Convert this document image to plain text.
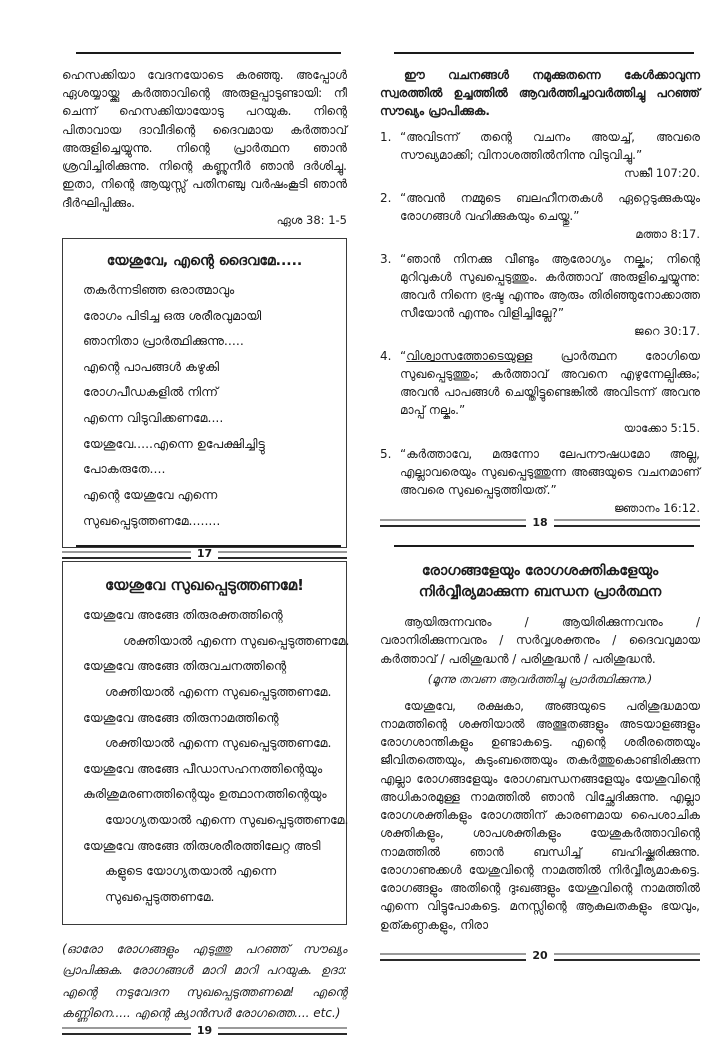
ഹെസക്കിയാ വേദനയോടെ കരഞ്ഞു. അപ്പോൾ ഏശയ്യായ്ക്കു കർത്താവിന്റെ അരുളപ്പാടുണ്ടായി: നീ ചെന്ന് ഹെസക്കിയായോടു പറയുക. നിന്റെ പിതാവായ ദാവീദിന്റെ ദൈവമായ കർത്താവ് അരുളിച്ചെയ്യുന്നു. നിന്റെ പ്രാർത്ഥന ഞാൻ ശ്രവിച്ചിരിക്കുന്നു. നിന്റെ കണ്ണുനീർ ഞാൻ ദർശിച്ചു. ഇതാ, നിന്റെ ആയുസ്സ് പതിനഞ്ചു വർഷംകൂടി ഞാൻ ദീർഘിപ്പിക്കും.
ഏശ 38: 1-5
യേശുവേ, എന്റെ ദൈവമേ.....
തകർന്നടിഞ്ഞ ഒരാത്മാവും
രോഗം പിടിച്ച ഒരു ശരീരവുമായി
ഞാനിതാ പ്രാർത്ഥിക്കുന്നു.....
എന്റെ പാപങ്ങൾ കഴുകി
രോഗപീഡകളിൽ നിന്ന്
എന്നെ വിടുവിക്കണമേ....
യേശുവേ.....എന്നെ ഉപേക്ഷിച്ചിട്ടു
പോകരുതേ....
എന്റെ യേശുവേ എന്നെ
സുഖപ്പെടുത്തണമേ........
17
ഈ വചനങ്ങൾ നമുക്കുതന്നെ കേൾക്കാവുന്ന സ്വരത്തിൽ ഉച്ചത്തിൽ ആവർത്തിച്ചാവർത്തിച്ചു പറഞ്ഞ് സൗഖ്യം പ്രാപിക്കുക.
1. “അവിടന്ന് തന്റെ വചനം അയച്ച്, അവരെ സൗഖ്യമാക്കി; വിനാശത്തിൽനിന്നു വിടുവിച്ചു.”
സങ്കീ 107:20.
2. “അവൻ നമ്മുടെ ബലഹീനതകൾ ഏറ്റെടുക്കുകയും രോഗങ്ങൾ വഹിക്കുകയും ചെയ്തു.”
മത്താ 8:17.
3. “ഞാൻ നിനക്കു വീണ്ടും ആരോഗ്യം നല്കും; നിന്റെ മുറിവുകൾ സുഖപ്പെടുത്തും. കർത്താവ് അരുളിച്ചെയ്യുന്നു: അവർ നിന്നെ ഭ്രഷ്ട എന്നും ആരും തിരിഞ്ഞുനോക്കാത്ത സീയോൻ എന്നും വിളിച്ചില്ലേ?”
ജറെ 30:17.
4. “വിശ്വാസത്തോടെയുള്ള പ്രാർത്ഥന രോഗിയെ സുഖപ്പെടുത്തും; കർത്താവ് അവനെ എഴുന്നേല്പിക്കും; അവൻ പാപങ്ങൾ ചെയ്തിട്ടുണ്ടെങ്കിൽ അവിടന്ന് അവനു മാപ്പ് നല്കും.”
യാക്കോ 5:15.
5. “കർത്താവേ, മരുന്നോ ലേപനൗഷധമോ അല്ല, എല്ലാവരെയും സുഖപ്പെടുത്തുന്ന അങ്ങയുടെ വചനമാണ് അവരെ സുഖപ്പെടുത്തിയത്.”
ജ്ഞാനം 16:12.
18
യേശുവേ സുഖപ്പെടുത്തണമേ!
യേശുവേ അങ്ങേ തിരുരക്തത്തിന്റെ
ശക്തിയാൽ എന്നെ സുഖപ്പെടുത്തണമേ.
യേശുവേ അങ്ങേ തിരുവചനത്തിന്റെ
ശക്തിയാൽ എന്നെ സുഖപ്പെടുത്തണമേ.
യേശുവേ അങ്ങേ തിരുനാമത്തിന്റെ
ശക്തിയാൽ എന്നെ സുഖപ്പെടുത്തണമേ.
യേശുവേ അങ്ങേ പീഡാസഹനത്തിന്റെയും
കുരിശുമരണത്തിന്റെയും ഉത്ഥാനത്തിന്റെയും
യോഗ്യതയാൽ എന്നെ സുഖപ്പെടുത്തണമേ.
യേശുവേ അങ്ങേ തിരുശരീരത്തിലേറ്റ അടി
കളുടെ യോഗ്യതയാൽ എന്നെ
സുഖപ്പെടുത്തണമേ.
(ഓരോ രോഗങ്ങളും എടുത്തു പറഞ്ഞ് സൗഖ്യം പ്രാപിക്കുക. രോഗങ്ങൾ മാറി മാറി പറയുക. ഉദാ: എന്റെ നടുവേദന സുഖപ്പെടുത്തണമെ! എന്റെ കണ്ണിനെ..... എന്റെ ക്യാൻസർ രോഗത്തെ.... etc.)
19
രോഗങ്ങളേയും രോഗശക്തികളേയും
നിർവ്വീര്യമാക്കുന്ന ബന്ധന പ്രാർത്ഥന
ആയിരുന്നവനും / ആയിരിക്കുന്നവനും / വരാനിരിക്കുന്നവനും / സർവ്വശക്തനും / ദൈവവുമായ കർത്താവ് / പരിശുദ്ധൻ / പരിശുദ്ധൻ / പരിശുദ്ധൻ.
(മൂന്നു തവണ ആവർത്തിച്ചു പ്രാർത്ഥിക്കുന്നു.)
യേശുവേ, രക്ഷകാ, അങ്ങയുടെ പരിശുദ്ധമായ നാമത്തിന്റെ ശക്തിയാൽ അത്ഭുതങ്ങളും അടയാളങ്ങളും രോഗശാന്തികളും ഉണ്ടാകട്ടെ. എന്റെ ശരീരത്തെയും ജീവിതത്തെയും, കുടുംബത്തെയും തകർത്തുകൊണ്ടിരിക്കുന്ന എല്ലാ രോഗങ്ങളേയും രോഗബന്ധനങ്ങളേയും യേശുവിന്റെ അധികാരമുള്ള നാമത്തിൽ ഞാൻ വിച്ഛേദിക്കുന്നു. എല്ലാ രോഗശക്തികളും രോഗത്തിന് കാരണമായ പൈശാചിക ശക്തികളും, ശാപശക്തികളും യേശുകർത്താവിന്റെ നാമത്തിൽ ഞാൻ ബന്ധിച്ച് ബഹിഷ്ക്കരിക്കുന്നു. രോഗാണുക്കൾ യേശുവിന്റെ നാമത്തിൽ നിർവ്വീര്യമാകട്ടെ. രോഗങ്ങളും അതിന്റെ ദുഃഖങ്ങളും യേശുവിന്റെ നാമത്തിൽ എന്നെ വിട്ടുപോകട്ടെ. മനസ്സിന്റെ ആകുലതകളും ഭയവും, ഉത്കണ്ഠകളും, നിരാ
20
